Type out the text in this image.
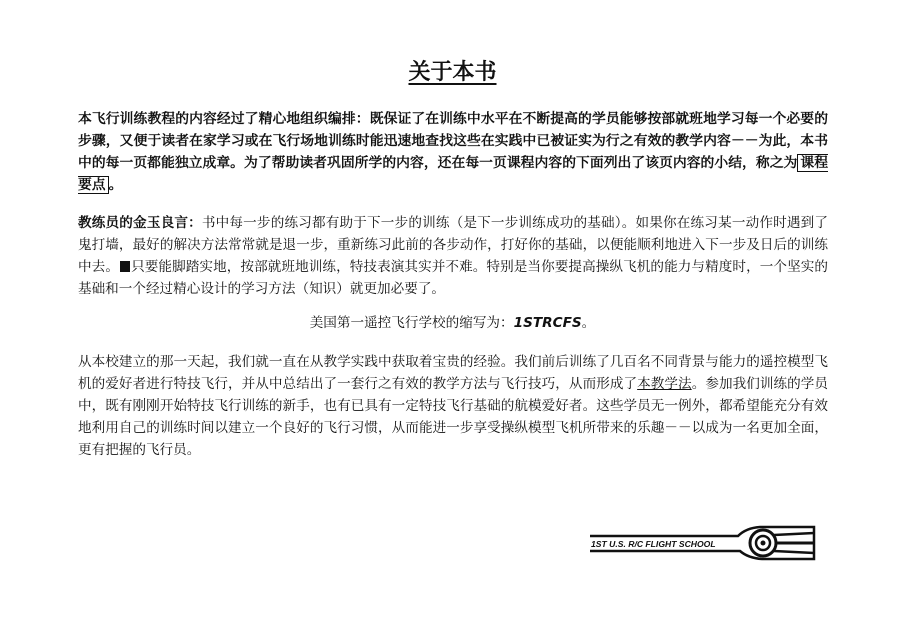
关于本书

本飞行训练教程的内容经过了精心地组织编排：既保证了在训练中水平在不断提高的学员能够按部就班地学习每一个必要的步骤，又便于读者在家学习或在飞行场地训练时能迅速地查找这些在实践中已被证实为行之有效的教学内容－－为此，本书中的每一页都能独立成章。为了帮助读者巩固所学的内容，还在每一页课程内容的下面列出了该页内容的小结，称之为 课程要点 。

教练员的金玉良言：书中每一步的练习都有助于下一步的训练（是下一步训练成功的基础）。如果你在练习某一动作时遇到了鬼打墙，最好的解决方法常常就是退一步，重新练习此前的各步动作，打好你的基础，以便能顺利地进入下一步及日后的训练中去。 只要能脚踏实地，按部就班地训练，特技表演其实并不难。特别是当你要提高操纵飞机的能力与精度时，一个坚实的基础和一个经过精心设计的学习方法（知识）就更加必要了。

美国第一遥控飞行学校的缩写为：1STRCFS。

从本校建立的那一天起，我们就一直在从教学实践中获取着宝贵的经验。我们前后训练了几百名不同背景与能力的遥控模型飞机的爱好者进行特技飞行，并从中总结出了一套行之有效的教学方法与飞行技巧，从而形成了本教学法。参加我们训练的学员中，既有刚刚开始特技飞行训练的新手，也有已具有一定特技飞行基础的航模爱好者。这些学员无一例外，都希望能充分有效地利用自己的训练时间以建立一个良好的飞行习惯，从而能进一步享受操纵模型飞机所带来的乐趣－－以成为一名更加全面，更有把握的飞行员。

1ST U.S. R/C FLIGHT SCHOOL
